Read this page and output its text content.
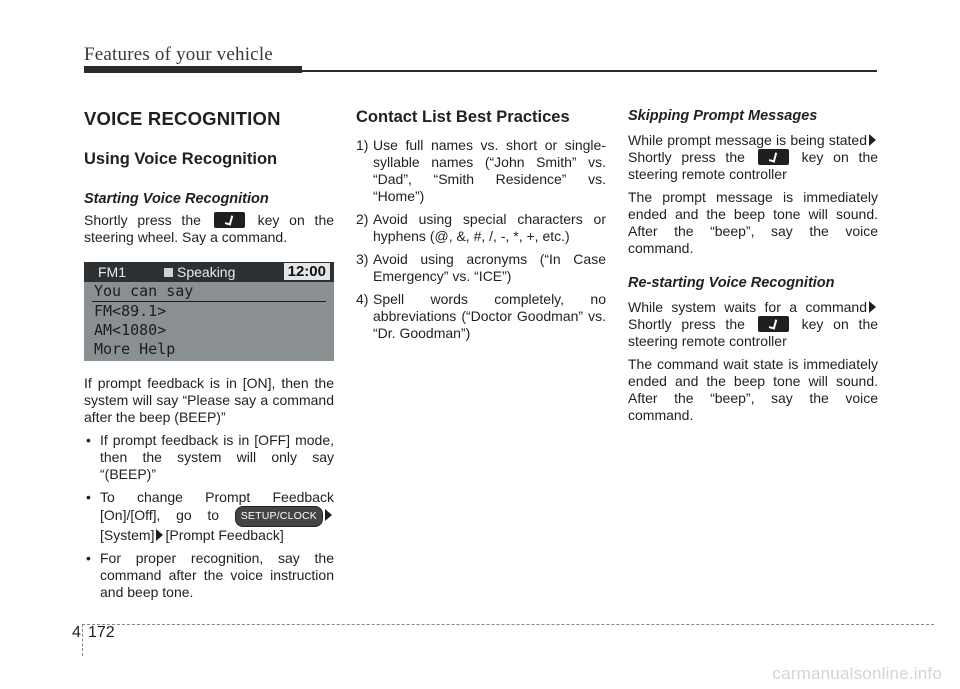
Features of your vehicle
VOICE RECOGNITION
Using Voice Recognition
Starting Voice Recognition

Shortly press the	key on the steering wheel. Say a command.

FM1	Speaking	12:00
You can say
FM<89.1>
AM<1080>
More Help

If prompt feedback is in [ON], then the system will say “Please say a command after the beep (BEEP)”

• If prompt feedback is in [OFF] mode, then the system will only say “(BEEP)”
• To change Prompt Feedback [On]/[Off], go to SETUP/CLOCK [System] [Prompt Feedback]
• For proper recognition, say the command after the voice instruction and beep tone.
Contact List Best Practices
1) Use full names vs. short or single-syllable names (“John Smith” vs. “Dad”, “Smith Residence” vs. “Home”)
2) Avoid using special characters or hyphens (@, &, #, /, -, *, +, etc.)
3) Avoid using acronyms (“In Case Emergency” vs. “ICE”)
4) Spell words completely, no abbreviations (“Doctor Goodman” vs. “Dr. Goodman”)
Skipping Prompt Messages

While prompt message is being statedShortly press the	key on the steering remote controller

The prompt message is immediately ended and the beep tone will sound. After the “beep”, say the voice command.

Re-starting Voice Recognition

While system waits for a command Shortly press the	key on the steering remote controller

The command wait state is immediately ended and the beep tone will sound. After the “beep”, say the voice command.

4 172
carmanualsonline.info
